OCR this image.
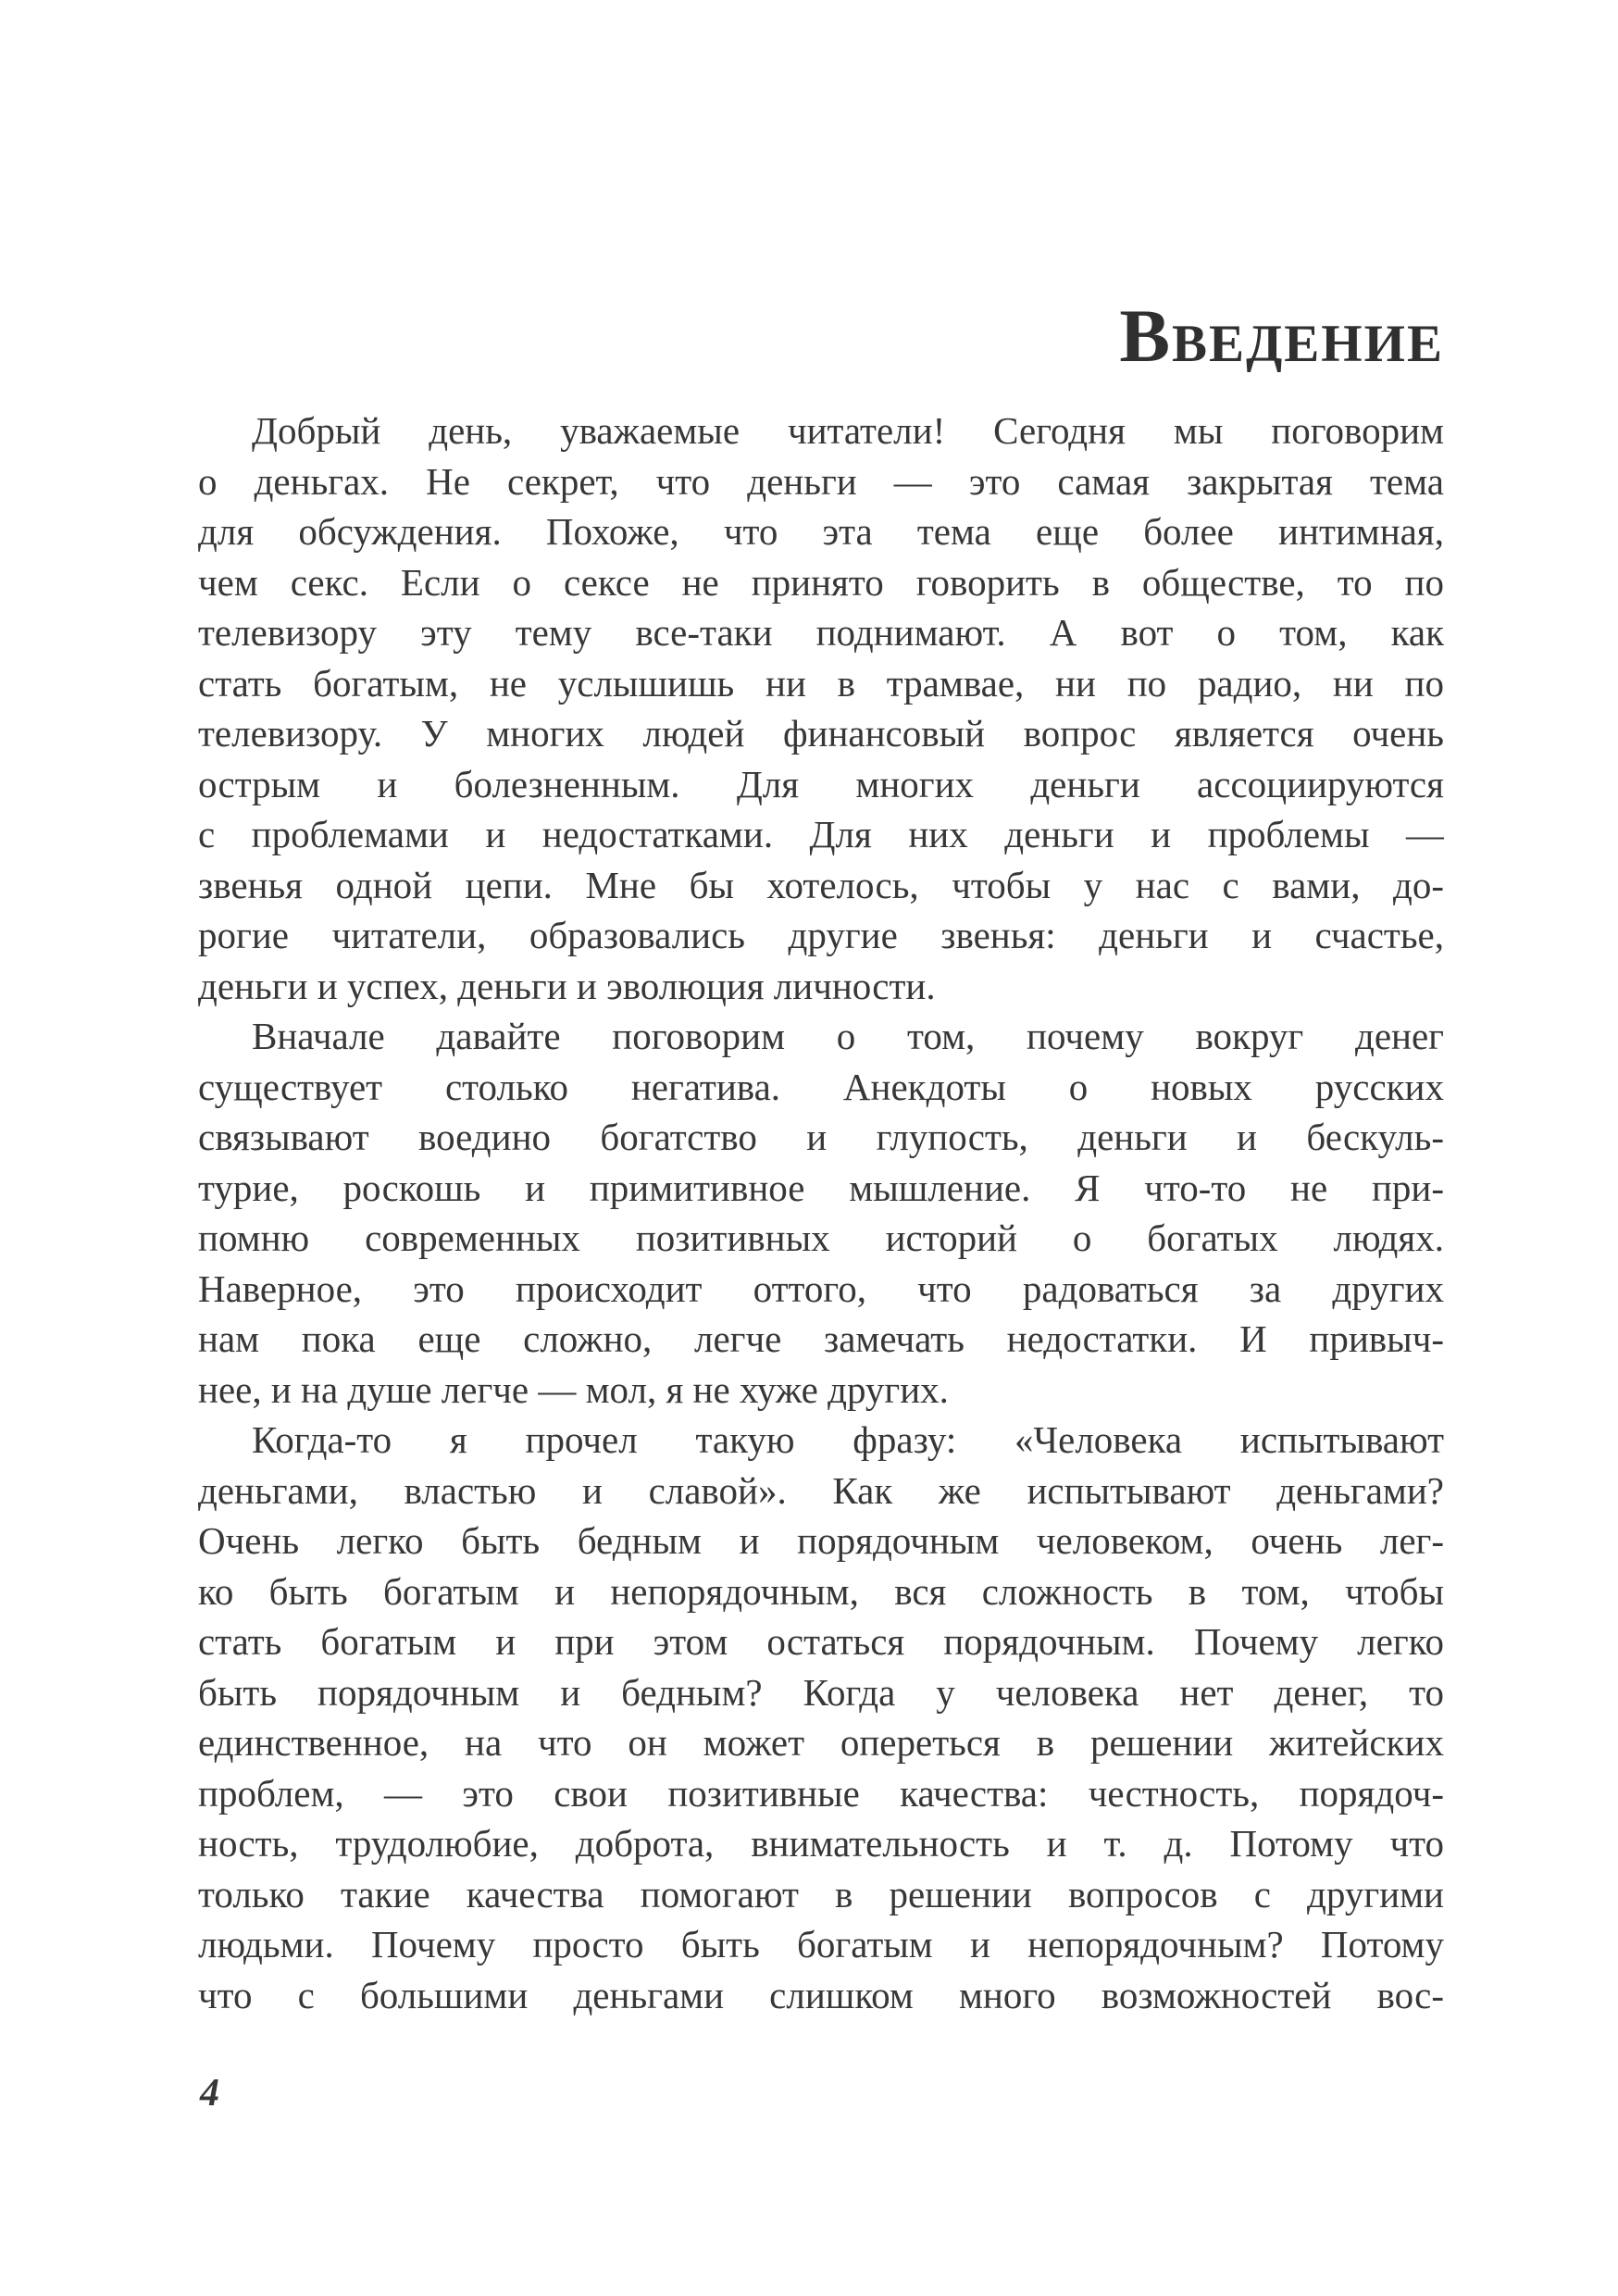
ВВЕДЕНИЕ
Добрый день, уважаемые читатели! Сегодня мы поговорим
о деньгах. Не секрет, что деньги — это самая закрытая тема
для обсуждения. Похоже, что эта тема еще более интимная,
чем секс. Если о сексе не принято говорить в обществе, то по
телевизору эту тему все-таки поднимают. А вот о том, как
стать богатым, не услышишь ни в трамвае, ни по радио, ни по
телевизору. У многих людей финансовый вопрос является очень
острым и болезненным. Для многих деньги ассоциируются
с проблемами и недостатками. Для них деньги и проблемы —
звенья одной цепи. Мне бы хотелось, чтобы у нас с вами, до-
рогие читатели, образовались другие звенья: деньги и счастье,
деньги и успех, деньги и эволюция личности.
Вначале давайте поговорим о том, почему вокруг денег
существует столько негатива. Анекдоты о новых русских
связывают воедино богатство и глупость, деньги и бескуль-
турие, роскошь и примитивное мышление. Я что-то не при-
помню современных позитивных историй о богатых людях.
Наверное, это происходит оттого, что радоваться за других
нам пока еще сложно, легче замечать недостатки. И привыч-
нее, и на душе легче — мол, я не хуже других.
Когда-то я прочел такую фразу: «Человека испытывают
деньгами, властью и славой». Как же испытывают деньгами?
Очень легко быть бедным и порядочным человеком, очень лег-
ко быть богатым и непорядочным, вся сложность в том, чтобы
стать богатым и при этом остаться порядочным. Почему легко
быть порядочным и бедным? Когда у человека нет денег, то
единственное, на что он может опереться в решении житейских
проблем, — это свои позитивные качества: честность, порядоч-
ность, трудолюбие, доброта, внимательность и т. д. Потому что
только такие качества помогают в решении вопросов с другими
людьми. Почему просто быть богатым и непорядочным? Потому
что с большими деньгами слишком много возможностей вос-
4
